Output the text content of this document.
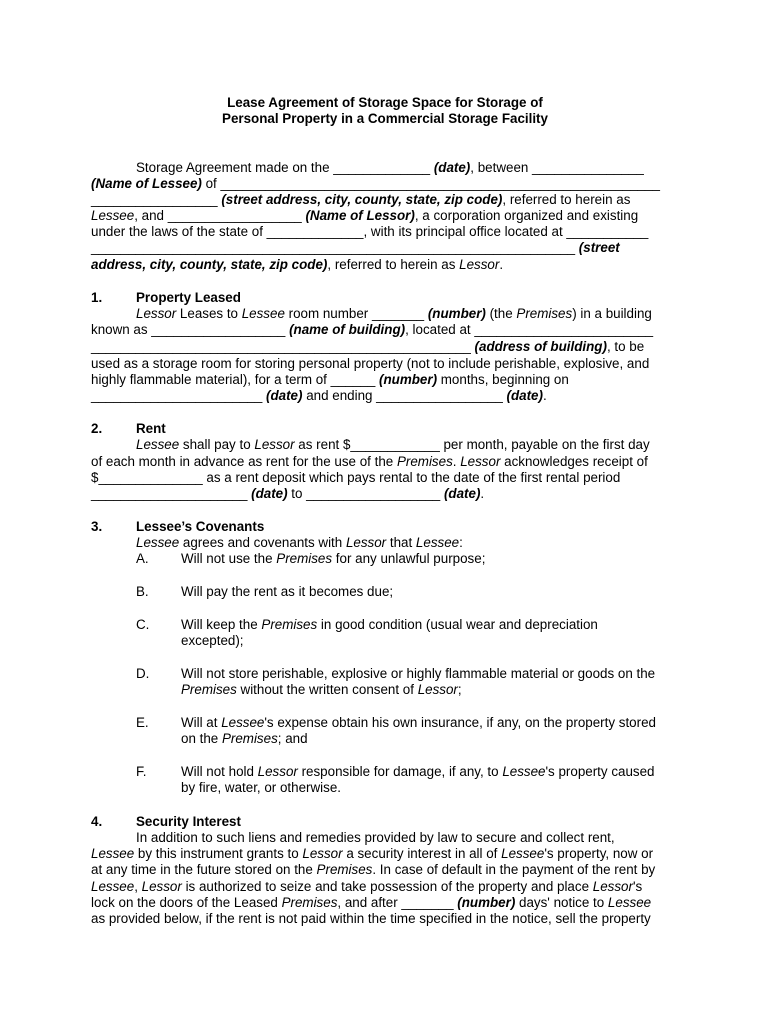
Lease Agreement of Storage Space for Storage of
Personal Property in a Commercial Storage Facility
Storage Agreement made on the _____________ (date), between _______________
(Name of Lessee) of ___________________________________________________________
_________________ (street address, city, county, state, zip code), referred to herein as
Lessee, and __________________ (Name of Lessor), a corporation organized and existing
under the laws of the state of _____________, with its principal office located at ___________
_________________________________________________________________ (street
address, city, county, state, zip code), referred to herein as Lessor.
1.	Property Leased
Lessor Leases to Lessee room number _______ (number) (the Premises) in a building
known as __________________ (name of building), located at ________________________
___________________________________________________ (address of building), to be
used as a storage room for storing personal property (not to include perishable, explosive, and
highly flammable material), for a term of ______ (number) months, beginning on
_______________________ (date) and ending _________________ (date).
2.	Rent
Lessee shall pay to Lessor as rent $____________ per month, payable on the first day
of each month in advance as rent for the use of the Premises. Lessor acknowledges receipt of
$______________ as a rent deposit which pays rental to the date of the first rental period
_____________________ (date) to __________________ (date).
3.	Lessee’s Covenants
Lessee agrees and covenants with Lessor that Lessee:
A. Will not use the Premises for any unlawful purpose;
B. Will pay the rent as it becomes due;
C. Will keep the Premises in good condition (usual wear and depreciation
excepted);
D. Will not store perishable, explosive or highly flammable material or goods on the
Premises without the written consent of Lessor;
E. Will at Lessee's expense obtain his own insurance, if any, on the property stored
on the Premises; and
F.	Will not hold Lessor responsible for damage, if any, to Lessee's property caused
by fire, water, or otherwise.
4.	Security Interest
In addition to such liens and remedies provided by law to secure and collect rent,
Lessee by this instrument grants to Lessor a security interest in all of Lessee's property, now or
at any time in the future stored on the Premises. In case of default in the payment of the rent by
Lessee, Lessor is authorized to seize and take possession of the property and place Lessor's
lock on the doors of the Leased Premises, and after _______ (number) days' notice to Lessee
as provided below, if the rent is not paid within the time specified in the notice, sell the property
